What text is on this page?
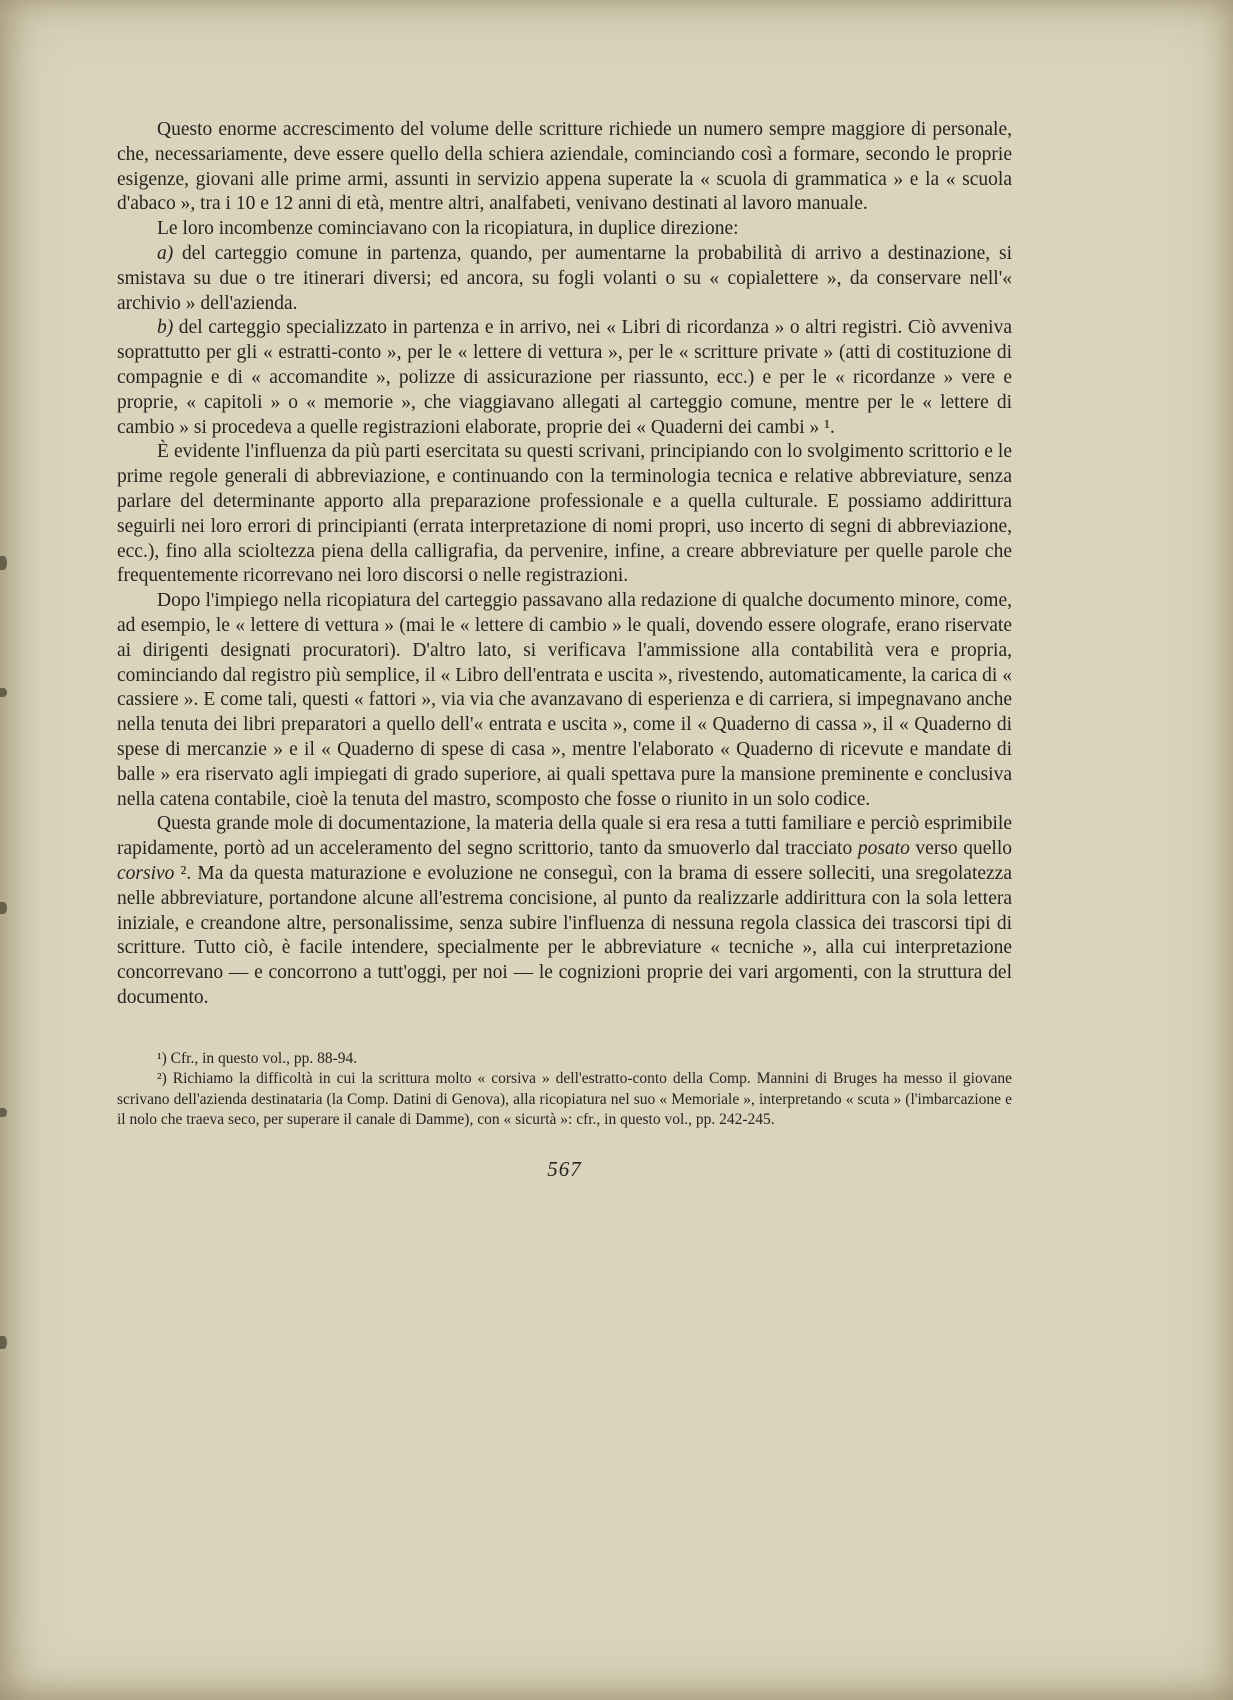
Questo enorme accrescimento del volume delle scritture richiede un numero sempre maggiore di personale, che, necessariamente, deve essere quello della schiera aziendale, cominciando così a formare, secondo le proprie esigenze, giovani alle prime armi, assunti in servizio appena superate la « scuola di grammatica » e la « scuola d'abaco », tra i 10 e 12 anni di età, mentre altri, analfabeti, venivano destinati al lavoro manuale.

Le loro incombenze cominciavano con la ricopiatura, in duplice direzione:

a) del carteggio comune in partenza, quando, per aumentarne la probabilità di arrivo a destinazione, si smistava su due o tre itinerari diversi; ed ancora, su fogli volanti o su « copialettere », da conservare nell'« archivio » dell'azienda.

b) del carteggio specializzato in partenza e in arrivo, nei « Libri di ricordanza » o altri registri. Ciò avveniva soprattutto per gli « estratti-conto », per le « lettere di vettura », per le « scritture private » (atti di costituzione di compagnie e di « accomandite », polizze di assicurazione per riassunto, ecc.) e per le « ricordanze » vere e proprie, « capitoli » o « memorie », che viaggiavano allegati al carteggio comune, mentre per le « lettere di cambio » si procedeva a quelle registrazioni elaborate, proprie dei « Quaderni dei cambi » ¹.

È evidente l'influenza da più parti esercitata su questi scrivani, principiando con lo svolgimento scrittorio e le prime regole generali di abbreviazione, e continuando con la terminologia tecnica e relative abbreviature, senza parlare del determinante apporto alla preparazione professionale e a quella culturale. E possiamo addirittura seguirli nei loro errori di principianti (errata interpretazione di nomi propri, uso incerto di segni di abbreviazione, ecc.), fino alla scioltezza piena della calligrafia, da pervenire, infine, a creare abbreviature per quelle parole che frequentemente ricorrevano nei loro discorsi o nelle registrazioni.

Dopo l'impiego nella ricopiatura del carteggio passavano alla redazione di qualche documento minore, come, ad esempio, le « lettere di vettura » (mai le « lettere di cambio » le quali, dovendo essere olografe, erano riservate ai dirigenti designati procuratori). D'altro lato, si verificava l'ammissione alla contabilità vera e propria, cominciando dal registro più semplice, il « Libro dell'entrata e uscita », rivestendo, automaticamente, la carica di « cassiere ». E come tali, questi « fattori », via via che avanzavano di esperienza e di carriera, si impegnavano anche nella tenuta dei libri preparatori a quello dell'« entrata e uscita », come il « Quaderno di cassa », il « Quaderno di spese di mercanzie » e il « Quaderno di spese di casa », mentre l'elaborato « Quaderno di ricevute e mandate di balle » era riservato agli impiegati di grado superiore, ai quali spettava pure la mansione preminente e conclusiva nella catena contabile, cioè la tenuta del mastro, scomposto che fosse o riunito in un solo codice.

Questa grande mole di documentazione, la materia della quale si era resa a tutti familiare e perciò esprimibile rapidamente, portò ad un acceleramento del segno scrittorio, tanto da smuoverlo dal tracciato posato verso quello corsivo ². Ma da questa maturazione e evoluzione ne conseguì, con la brama di essere solleciti, una sregolatezza nelle abbreviature, portandone alcune all'estrema concisione, al punto da realizzarle addirittura con la sola lettera iniziale, e creandone altre, personalissime, senza subire l'influenza di nessuna regola classica dei trascorsi tipi di scritture. Tutto ciò, è facile intendere, specialmente per le abbreviature « tecniche », alla cui interpretazione concorrevano — e concorrono a tutt'oggi, per noi — le cognizioni proprie dei vari argomenti, con la struttura del documento.

¹) Cfr., in questo vol., pp. 88-94.

²) Richiamo la difficoltà in cui la scrittura molto « corsiva » dell'estratto-conto della Comp. Mannini di Bruges ha messo il giovane scrivano dell'azienda destinataria (la Comp. Datini di Genova), alla ricopiatura nel suo « Memoriale », interpretando « scuta » (l'imbarcazione e il nolo che traeva seco, per superare il canale di Damme), con « sicurtà »: cfr., in questo vol., pp. 242-245.

567
